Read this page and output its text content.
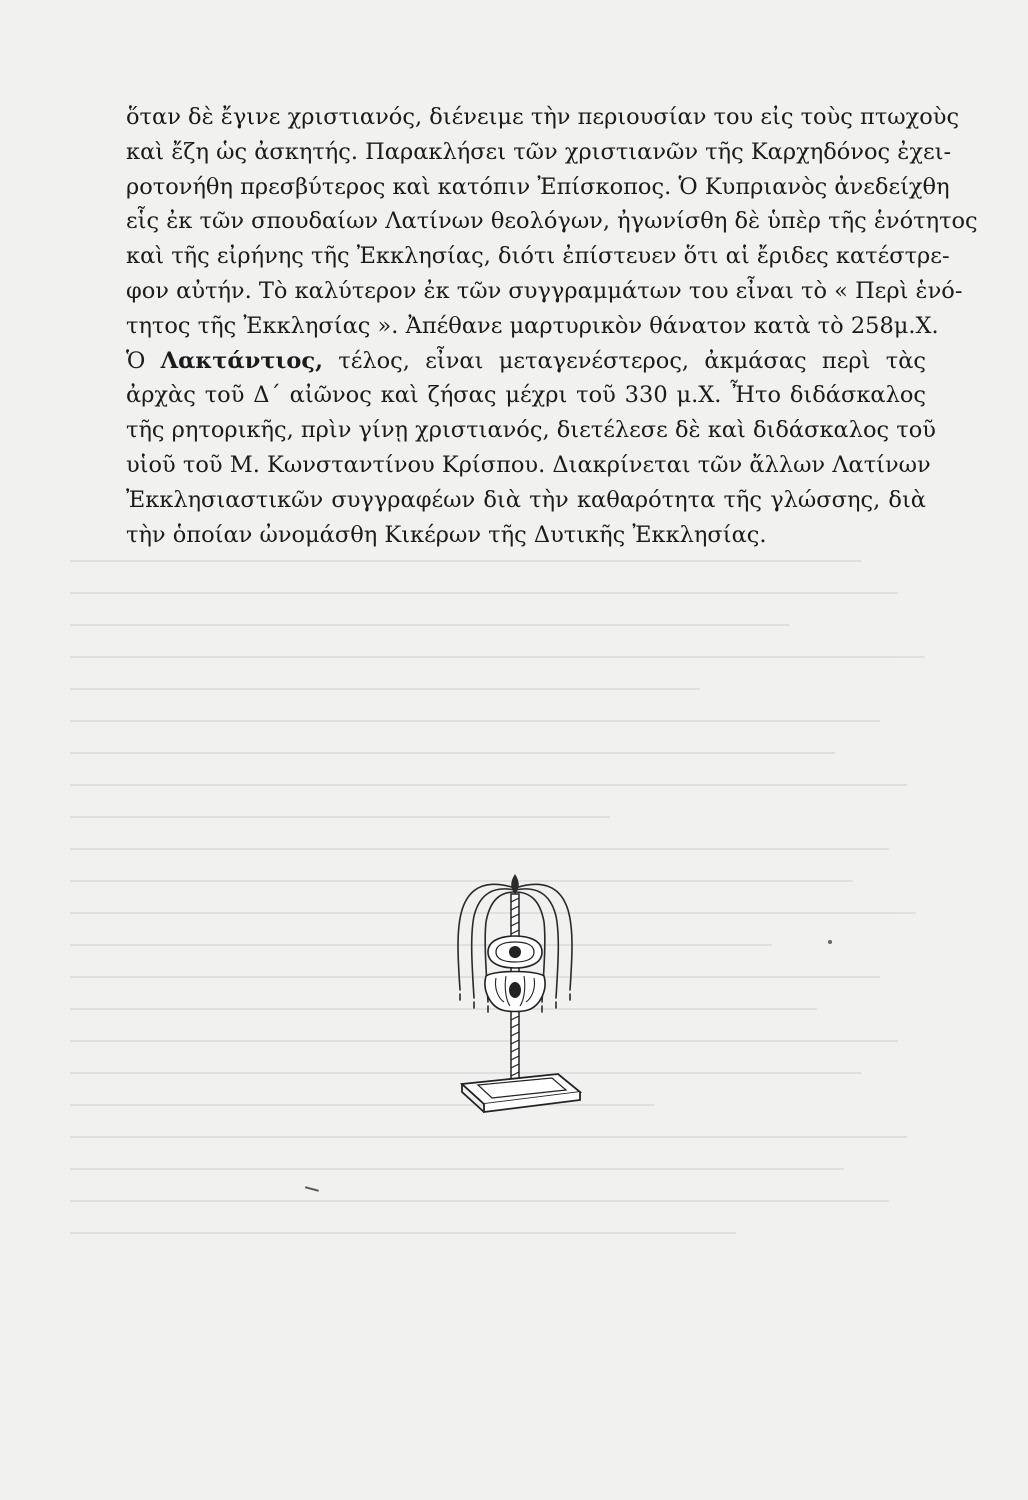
ὅταν δὲ ἔγινε χριστιανός, διένειμε τὴν περιουσίαν του εἰς τοὺς πτωχοὺς
καὶ ἔζη ὡς ἀσκητής. Παρακλήσει τῶν χριστιανῶν τῆς Καρχηδόνος ἐχει-
ροτονήθη πρεσβύτερος καὶ κατόπιν Ἐπίσκοπος. Ὁ Κυπριανὸς ἀνεδείχθη
εἷς ἐκ τῶν σπουδαίων Λατίνων θεολόγων, ἠγωνίσθη δὲ ὑπὲρ τῆς ἑνότητος
καὶ τῆς εἰρήνης τῆς Ἐκκλησίας, διότι ἐπίστευεν ὅτι αἱ ἔριδες κατέστρε-
φον αὐτήν. Τὸ καλύτερον ἐκ τῶν συγγραμμάτων του εἶναι τὸ « Περὶ ἑνό-
τητος τῆς Ἐκκλησίας ». Ἀπέθανε μαρτυρικὸν θάνατον κατὰ τὸ 258μ.Χ.
Ὁ Λακτάντιος, τέλος, εἶναι μεταγενέστερος, ἀκμάσας περὶ τὰς
ἀρχὰς τοῦ Δ΄ αἰῶνος καὶ ζήσας μέχρι τοῦ 330 μ.Χ. Ἦτο διδάσκαλος
τῆς ρητορικῆς, πρὶν γίνῃ χριστιανός, διετέλεσε δὲ καὶ διδάσκαλος τοῦ
υἱοῦ τοῦ Μ. Κωνσταντίνου Κρίσπου. Διακρίνεται τῶν ἄλλων Λατίνων
Ἐκκλησιαστικῶν συγγραφέων διὰ τὴν καθαρότητα τῆς γλώσσης, διὰ
τὴν ὁποίαν ὠνομάσθη Κικέρων τῆς Δυτικῆς Ἐκκλησίας.
